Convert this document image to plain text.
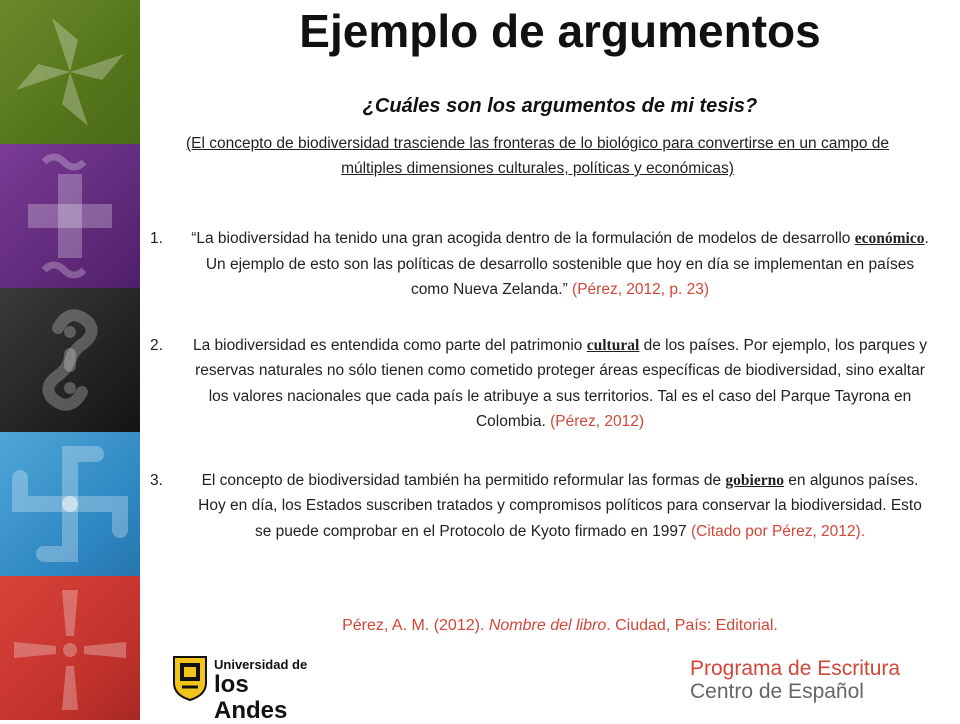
Ejemplo de argumentos
¿Cuáles son los argumentos de mi tesis?
(El concepto de biodiversidad trasciende las fronteras de lo biológico para convertirse en un campo de múltiples dimensiones culturales, políticas y económicas)
1. “La biodiversidad ha tenido una gran acogida dentro de la formulación de modelos de desarrollo económico. Un ejemplo de esto son las políticas de desarrollo sostenible que hoy en día se implementan en países como Nueva Zelanda.” (Pérez, 2012, p. 23)
2. La biodiversidad es entendida como parte del patrimonio cultural de los países. Por ejemplo, los parques y reservas naturales no sólo tienen como cometido proteger áreas específicas de biodiversidad, sino exaltar los valores nacionales que cada país le atribuye a sus territorios. Tal es el caso del Parque Tayrona en Colombia. (Pérez, 2012)
3. El concepto de biodiversidad también ha permitido reformular las formas de gobierno en algunos países. Hoy en día, los Estados suscriben tratados y compromisos políticos para conservar la biodiversidad. Esto se puede comprobar en el Protocolo de Kyoto firmado en 1997 (Citado por Pérez, 2012).
Pérez, A. M. (2012). Nombre del libro. Ciudad, País: Editorial.
Universidad de
los Andes
Programa de Escritura
Centro de Español
